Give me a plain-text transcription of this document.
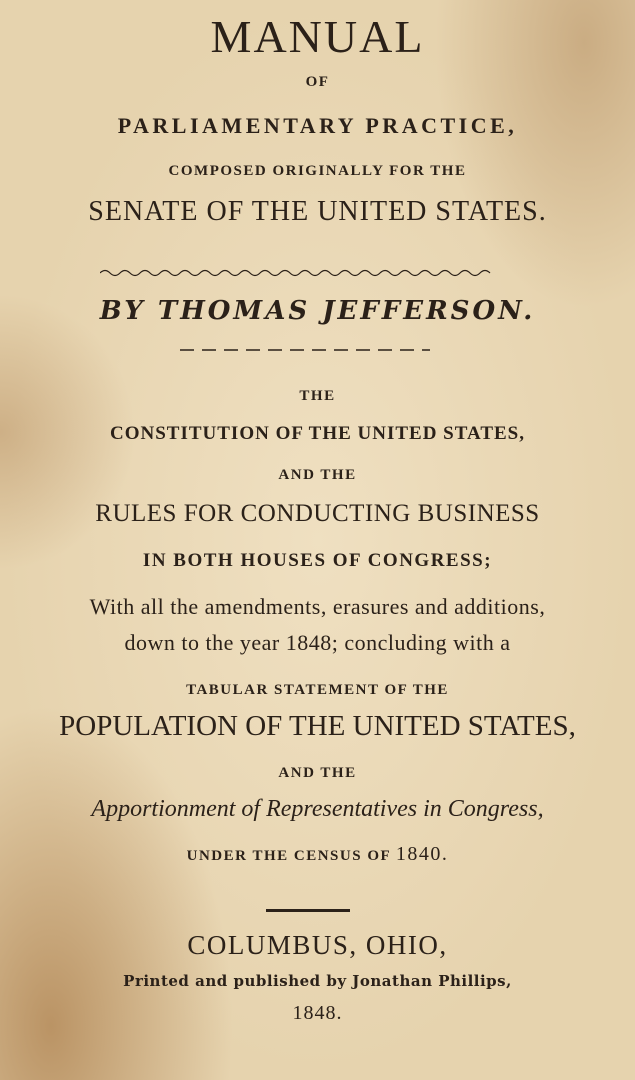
MANUAL
OF
PARLIAMENTARY PRACTICE,
COMPOSED ORIGINALLY FOR THE
SENATE OF THE UNITED STATES.
BY THOMAS JEFFERSON.
THE
CONSTITUTION OF THE UNITED STATES,
AND THE
RULES FOR CONDUCTING BUSINESS
IN BOTH HOUSES OF CONGRESS;
With all the amendments, erasures and additions,
down to the year 1848; concluding with a
TABULAR STATEMENT OF THE
POPULATION OF THE UNITED STATES,
AND THE
Apportionment of Representatives in Congress,
UNDER THE CENSUS OF 1840.
COLUMBUS, OHIO,
Printed and published by Jonathan Phillips,
1848.
